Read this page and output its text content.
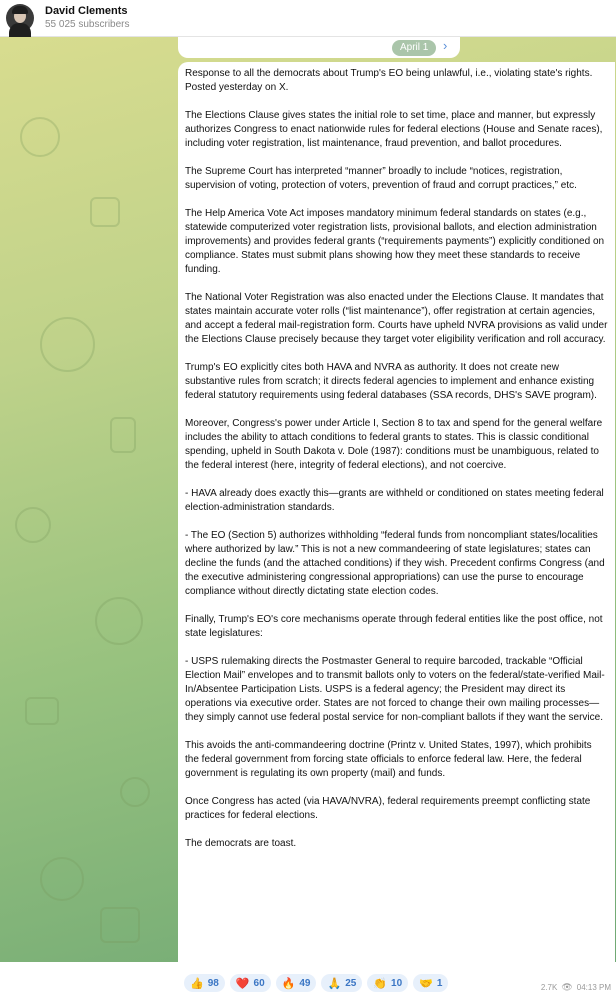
David Clements
55 025 subscribers
April 1	›

Response to all the democrats about Trump's EO being unlawful, i.e., violating state's rights. Posted yesterday on X.

The Elections Clause gives states the initial role to set time, place and manner, but expressly authorizes Congress to enact nationwide rules for federal elections (House and Senate races), including voter registration, list maintenance, fraud prevention, and ballot procedures.

The Supreme Court has interpreted “manner” broadly to include “notices, registration, supervision of voting, protection of voters, prevention of fraud and corrupt practices,” etc.

The Help America Vote Act imposes mandatory minimum federal standards on states (e.g., statewide computerized voter registration lists, provisional ballots, and election administration improvements) and provides federal grants (“requirements payments”) explicitly conditioned on compliance. States must submit plans showing how they meet these standards to receive funding.

The National Voter Registration was also enacted under the Elections Clause. It mandates that states maintain accurate voter rolls (“list maintenance”), offer registration at certain agencies, and accept a federal mail-registration form. Courts have upheld NVRA provisions as valid under the Elections Clause precisely because they target voter eligibility verification and roll accuracy.

Trump's EO explicitly cites both HAVA and NVRA as authority. It does not create new substantive rules from scratch; it directs federal agencies to implement and enhance existing federal statutory requirements using federal databases (SSA records, DHS's SAVE program).

Moreover, Congress's power under Article I, Section 8 to tax and spend for the general welfare includes the ability to attach conditions to federal grants to states. This is classic conditional spending, upheld in South Dakota v. Dole (1987): conditions must be unambiguous, related to the federal interest (here, integrity of federal elections), and not coercive.

- HAVA already does exactly this—grants are withheld or conditioned on states meeting federal election-administration standards.

- The EO (Section 5) authorizes withholding “federal funds from noncompliant states/localities where authorized by law.” This is not a new commandeering of state legislatures; states can decline the funds (and the attached conditions) if they wish. Precedent confirms Congress (and the executive administering congressional appropriations) can use the purse to encourage compliance without directly dictating state election codes.

Finally, Trump's EO's core mechanisms operate through federal entities like the post office, not state legislatures:

- USPS rulemaking directs the Postmaster General to require barcoded, trackable “Official Election Mail” envelopes and to transmit ballots only to voters on the federal/state-verified Mail-In/Absentee Participation Lists. USPS is a federal agency; the President may direct its operations via executive order. States are not forced to change their own mailing processes—they simply cannot use federal postal service for non-compliant ballots if they want the service.

This avoids the anti-commandeering doctrine (Printz v. United States, 1997), which prohibits the federal government from forcing state officials to enforce federal law. Here, the federal government is regulating its own property (mail) and funds.

Once Congress has acted (via HAVA/NVRA), federal requirements preempt conflicting state practices for federal elections.

The democrats are toast.

👍 98 ❤️ 60 🔥 49 🙏 25 👏 10 🤝 1	2.7K 👁 04:13 PM
